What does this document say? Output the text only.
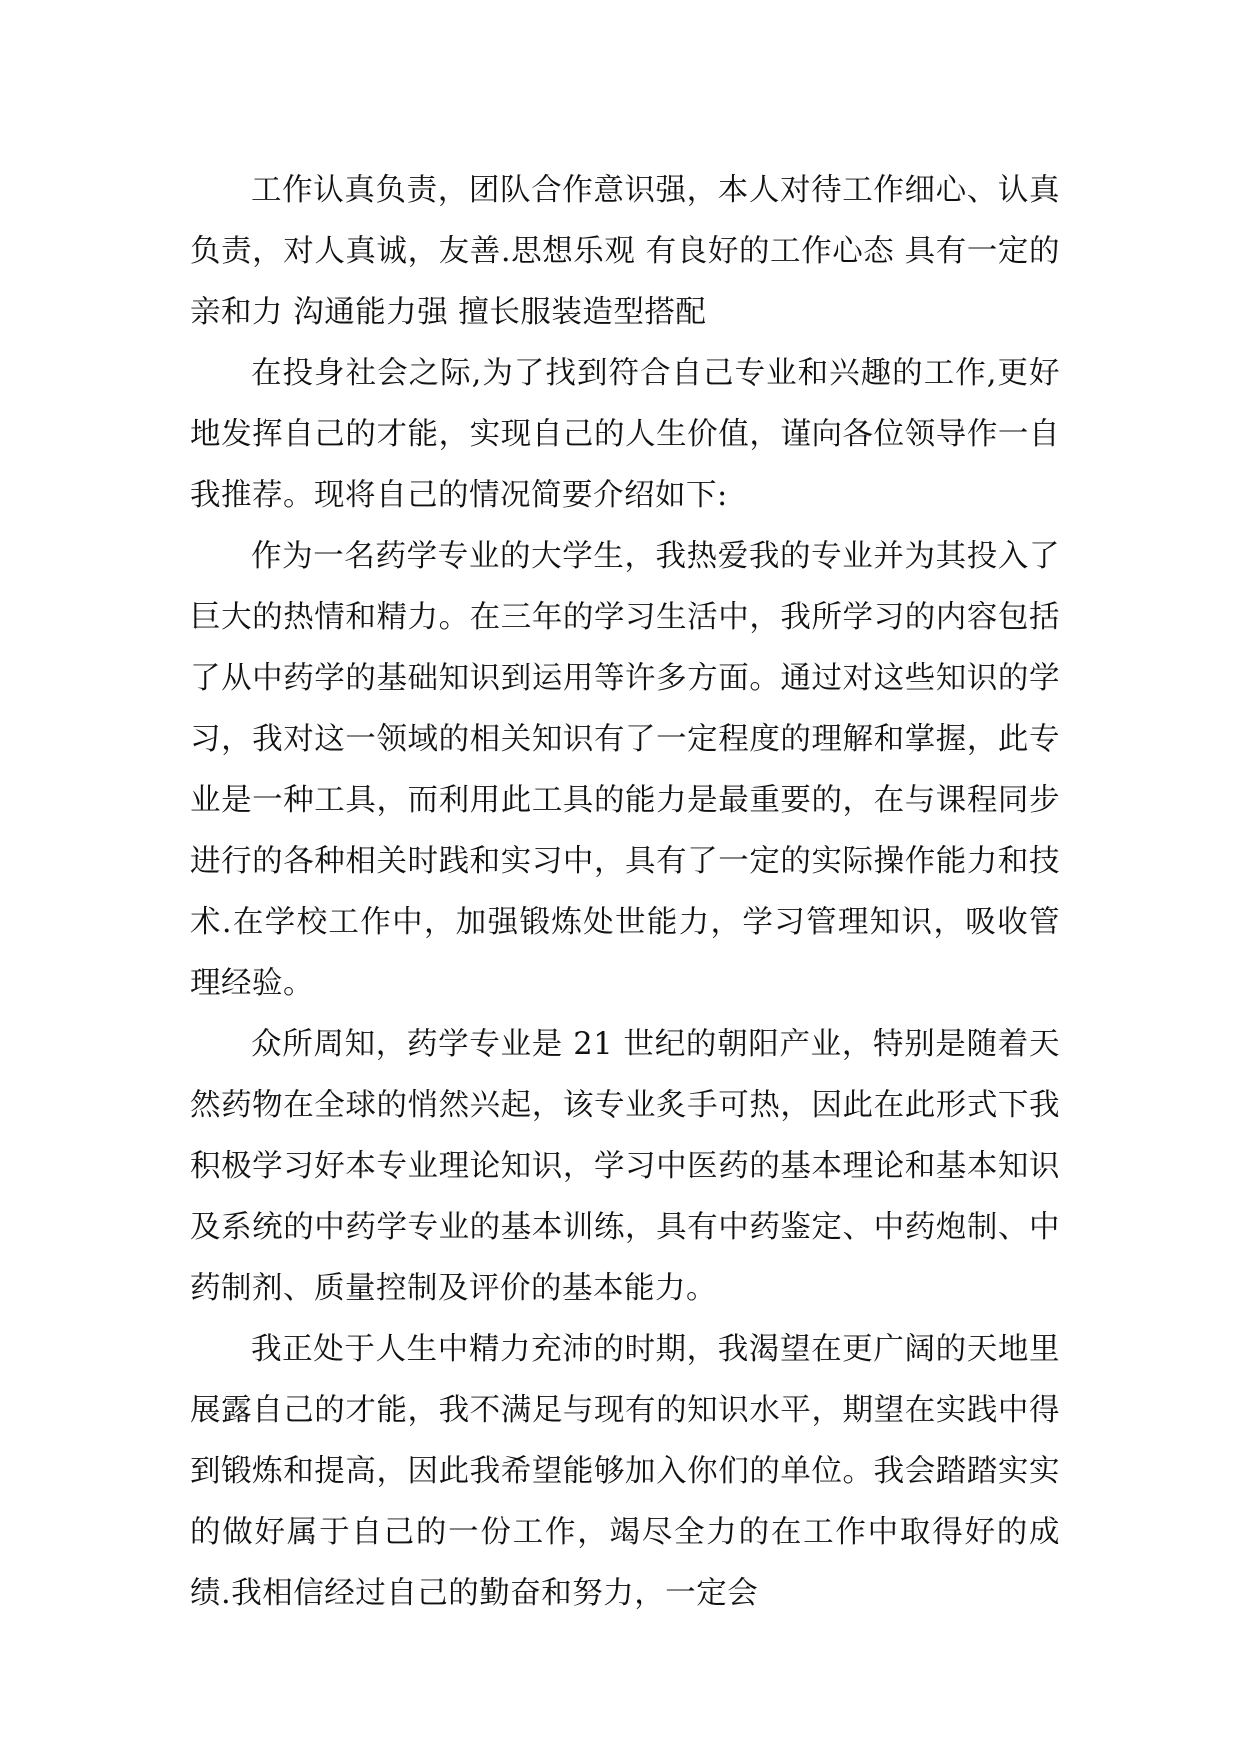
工作认真负责，团队合作意识强，本人对待工作细心、认真负责，对人真诚，友善.思想乐观 有良好的工作心态 具有一定的亲和力 沟通能力强 擅长服装造型搭配

在投身社会之际,为了找到符合自己专业和兴趣的工作,更好地发挥自己的才能，实现自己的人生价值，谨向各位领导作一自我推荐。现将自己的情况简要介绍如下:

作为一名药学专业的大学生，我热爱我的专业并为其投入了巨大的热情和精力。在三年的学习生活中，我所学习的内容包括了从中药学的基础知识到运用等许多方面。通过对这些知识的学习，我对这一领域的相关知识有了一定程度的理解和掌握，此专业是一种工具，而利用此工具的能力是最重要的，在与课程同步进行的各种相关时践和实习中，具有了一定的实际操作能力和技术.在学校工作中，加强锻炼处世能力，学习管理知识，吸收管理经验。

众所周知，药学专业是 21 世纪的朝阳产业，特别是随着天然药物在全球的悄然兴起，该专业炙手可热，因此在此形式下我积极学习好本专业理论知识，学习中医药的基本理论和基本知识及系统的中药学专业的基本训练，具有中药鉴定、中药炮制、中药制剂、质量控制及评价的基本能力。

我正处于人生中精力充沛的时期，我渴望在更广阔的天地里展露自己的才能，我不满足与现有的知识水平，期望在实践中得到锻炼和提高，因此我希望能够加入你们的单位。我会踏踏实实的做好属于自己的一份工作，竭尽全力的在工作中取得好的成绩.我相信经过自己的勤奋和努力，一定会
